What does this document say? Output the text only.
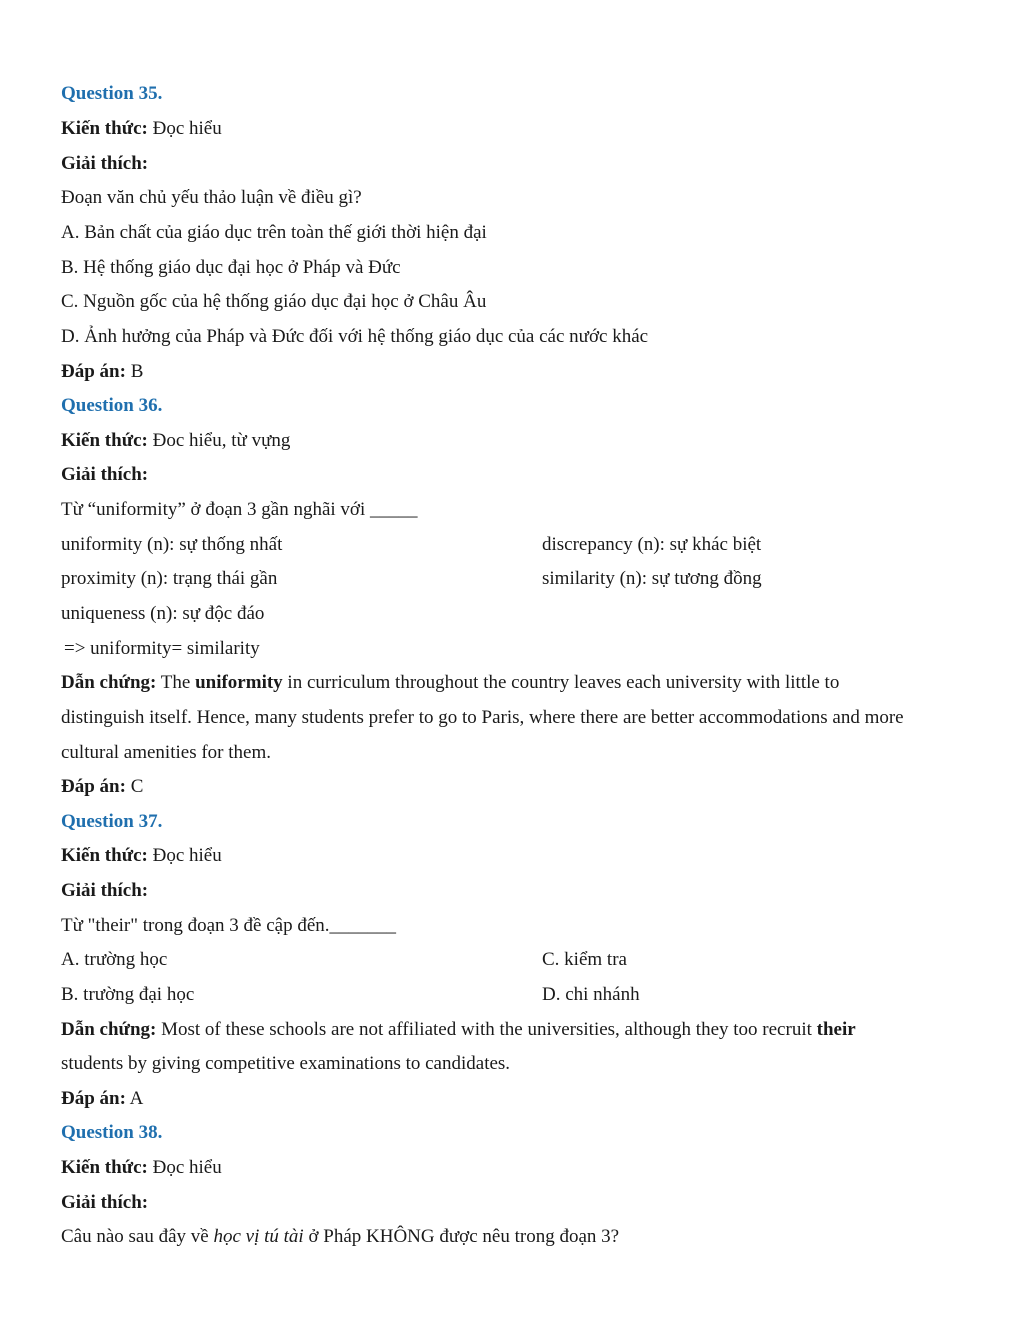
Question 35.
Kiến thức: Đọc hiểu
Giải thích:
Đoạn văn chủ yếu thảo luận về điều gì?
A. Bản chất của giáo dục trên toàn thế giới thời hiện đại
B. Hệ thống giáo dục đại học ở Pháp và Đức
C. Nguồn gốc của hệ thống giáo dục đại học ở Châu Âu
D. Ảnh hưởng của Pháp và Đức đối với hệ thống giáo dục của các nước khác
Đáp án: B
Question 36.
Kiến thức: Đoc hiểu, từ vựng
Giải thích:
Từ “uniformity” ở đoạn 3 gần nghãi với _____
uniformity (n): sự thống nhất	discrepancy (n): sự khác biệt
proximity (n): trạng thái gần	similarity (n): sự tương đồng
uniqueness (n): sự độc đáo
=> uniformity= similarity
Dẫn chứng: The uniformity in curriculum throughout the country leaves each university with little to
distinguish itself. Hence, many students prefer to go to Paris, where there are better accommodations and more
cultural amenities for them.
Đáp án: C
Question 37.
Kiến thức: Đọc hiểu
Giải thích:
Từ "their" trong đoạn 3 đề cập đến._______
A. trường học	C. kiểm tra
B. trường đại học	D. chi nhánh
Dẫn chứng: Most of these schools are not affiliated with the universities, although they too recruit their
students by giving competitive examinations to candidates.
Đáp án: A
Question 38.
Kiến thức: Đọc hiểu
Giải thích:
Câu nào sau đây về học vị tú tài ở Pháp KHÔNG được nêu trong đoạn 3?
